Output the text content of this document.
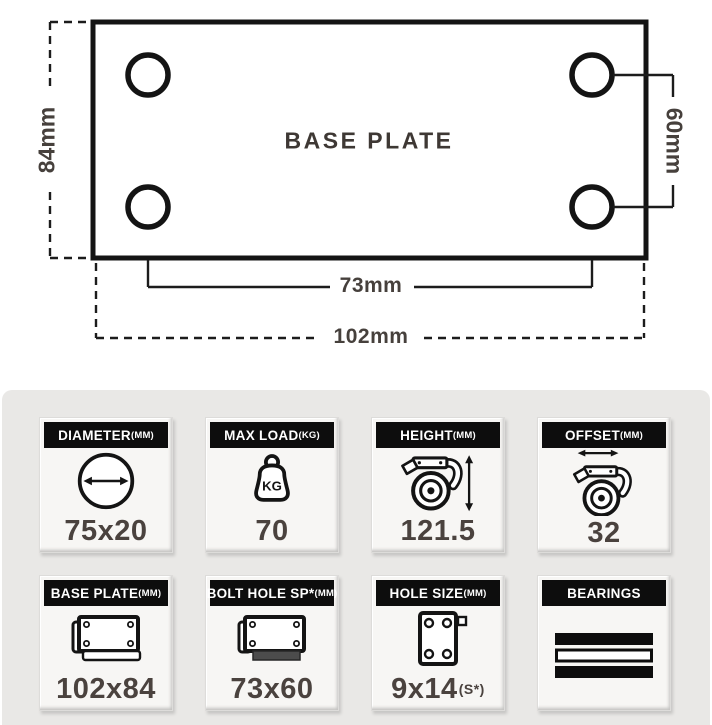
BASE PLATE
84mm	60mm
73mm
102mm
DIAMETER (MM)
75x20
MAX LOAD (KG)
KG
70
HEIGHT (MM)
121.5
OFFSET (MM)
32
BASE PLATE (MM)
102x84
BOLT HOLE SP* (MM)
73x60
HOLE SIZE (MM)
9x14 (S*)
BEARINGS
